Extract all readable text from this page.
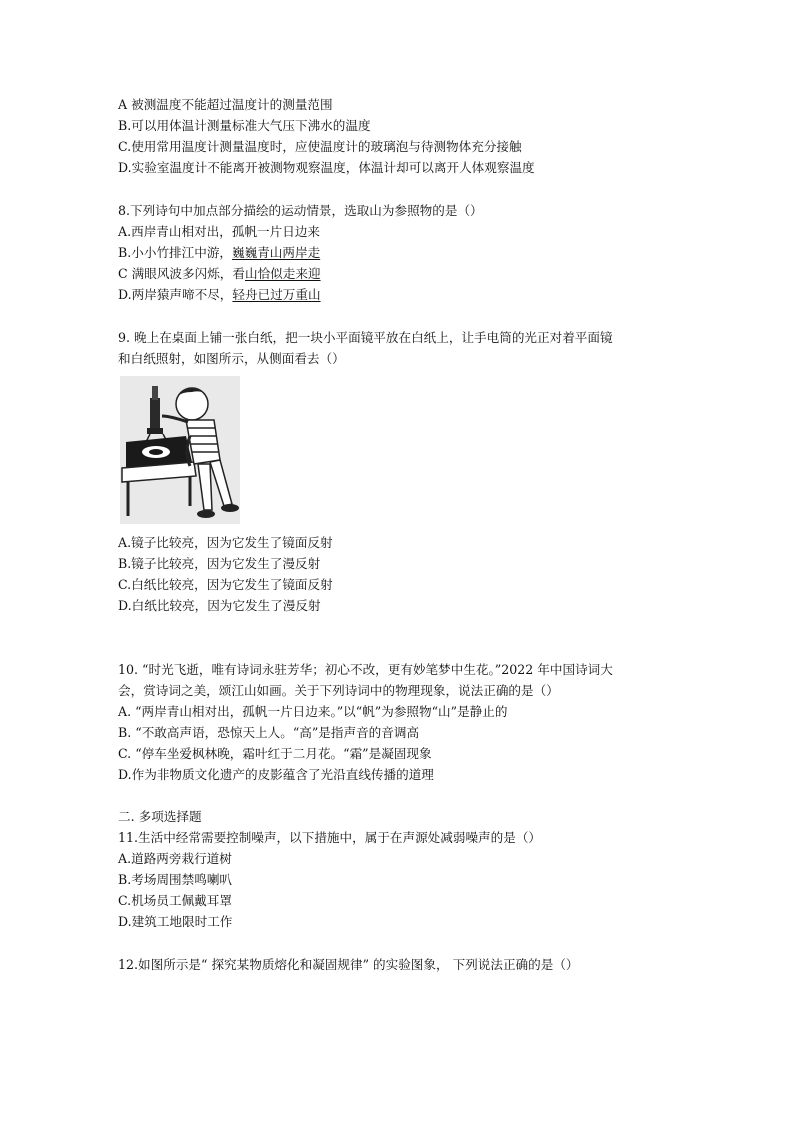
A 被测温度不能超过温度计的测量范围
B.可以用体温计测量标准大气压下沸水的温度
C.使用常用温度计测量温度时，应使温度计的玻璃泡与待测物体充分接触
D.实验室温度计不能离开被测物观察温度，体温计却可以离开人体观察温度
8.下列诗句中加点部分描绘的运动情景，选取山为参照物的是（）
A.西岸青山相对出，孤帆一片日边来
B.小小竹排江中游，巍巍青山两岸走
C 满眼风波多闪烁，看山恰似走来迎
D.两岸猿声啼不尽，轻舟已过万重山
9. 晚上在桌面上铺一张白纸，把一块小平面镜平放在白纸上，让手电筒的光正对着平面镜
和白纸照射，如图所示，从侧面看去（）
A.镜子比较亮，因为它发生了镜面反射
B.镜子比较亮，因为它发生了漫反射
C.白纸比较亮，因为它发生了镜面反射
D.白纸比较亮，因为它发生了漫反射
10. “时光飞逝，唯有诗词永驻芳华；初心不改，更有妙笔梦中生花。”2022 年中国诗词大
会，赏诗词之美，颂江山如画。关于下列诗词中的物理现象，说法正确的是（）
A. “两岸青山相对出，孤帆一片日边来。”以“帆”为参照物“山”是静止的
B. “不敢高声语，恐惊天上人。“高”是指声音的音调高
C. “停车坐爱枫林晚，霜叶红于二月花。“霜”是凝固现象
D.作为非物质文化遗产的皮影蕴含了光沿直线传播的道理
二. 多项选择题
11.生活中经常需要控制噪声，以下措施中，属于在声源处减弱噪声的是（）
A.道路两旁栽行道树
B.考场周围禁鸣喇叭
C.机场员工佩戴耳罩
D.建筑工地限时工作
12.如图所示是“ 探究某物质熔化和凝固规律” 的实验图象， 下列说法正确的是（）
